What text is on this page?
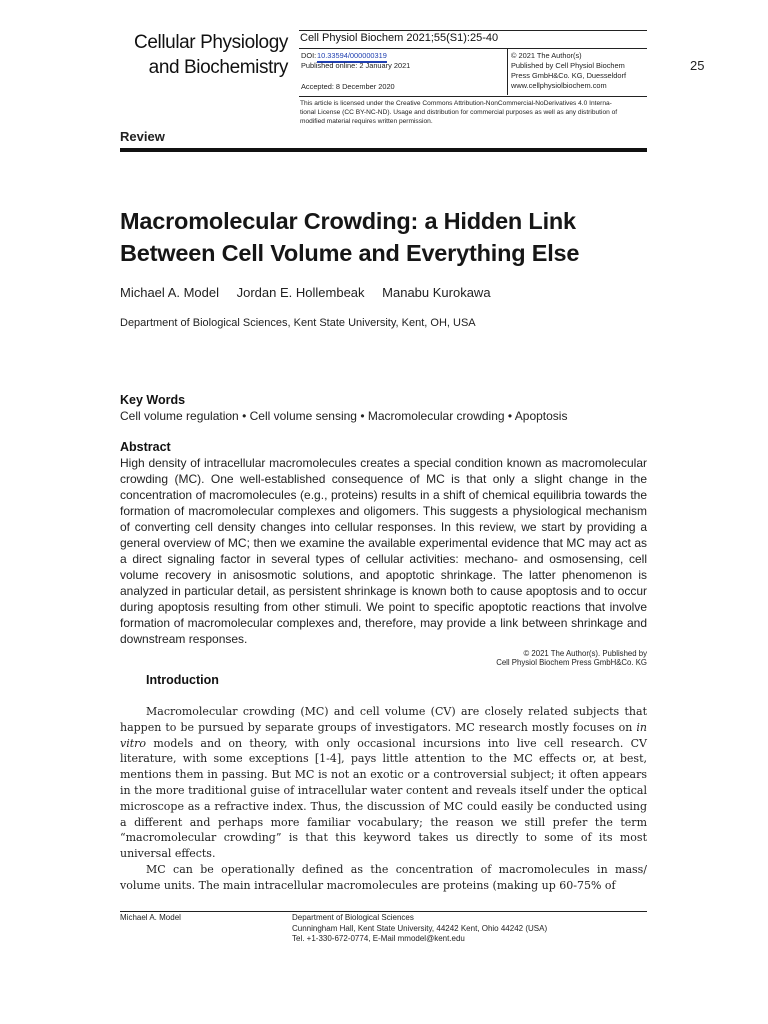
Cellular Physiology
and Biochemistry	25
Cell Physiol Biochem 2021;55(S1):25-40
DOI: 10.33594/000000319
Published online: 2 January 2021
Accepted: 8 December 2020
© 2021 The Author(s)
Published by Cell Physiol Biochem
Press GmbH&Co. KG, Duesseldorf
www.cellphysiolbiochem.com
This article is licensed under the Creative Commons Attribution-NonCommercial-NoDerivatives 4.0 Interna-
tional License (CC BY-NC-ND). Usage and distribution for commercial purposes as well as any distribution of
modified material requires written permission.
Review
Macromolecular Crowding: a Hidden Link
Between Cell Volume and Everything Else
Michael A. Model Jordan E. Hollembeak Manabu Kurokawa
Department of Biological Sciences, Kent State University, Kent, OH, USA
Key Words
Cell volume regulation • Cell volume sensing • Macromolecular crowding • Apoptosis
Abstract
High density of intracellular macromolecules creates a special condition known as macromolecular crowding (MC). One well-established consequence of MC is that only a slight change in the concentration of macromolecules (e.g., proteins) results in a shift of chemical equilibria towards the formation of macromolecular complexes and oligomers. This suggests a physiological mechanism of converting cell density changes into cellular responses. In this review, we start by providing a general overview of MC; then we examine the available experimental evidence that MC may act as a direct signaling factor in several types of cellular activities: mechano- and osmosensing, cell volume recovery in anisosmotic solutions, and apoptotic shrinkage. The latter phenomenon is analyzed in particular detail, as persistent shrinkage is known both to cause apoptosis and to occur during apoptosis resulting from other stimuli. We point to specific apoptotic reactions that involve formation of macromolecular complexes and, therefore, may provide a link between shrinkage and downstream responses.
© 2021 The Author(s). Published by
Cell Physiol Biochem Press GmbH&Co. KG
Introduction

Macromolecular crowding (MC) and cell volume (CV) are closely related subjects that happen to be pursued by separate groups of investigators. MC research mostly focuses on in vitro models and on theory, with only occasional incursions into live cell research. CV literature, with some exceptions [1-4], pays little attention to the MC effects or, at best, mentions them in passing. But MC is not an exotic or a controversial subject; it often appears in the more traditional guise of intracellular water content and reveals itself under the optical microscope as a refractive index. Thus, the discussion of MC could easily be conducted using a different and perhaps more familiar vocabulary; the reason we still prefer the term “macromolecular crowding” is that this keyword takes us directly to some of its most universal effects.

MC can be operationally defined as the concentration of macromolecules in mass/ volume units. The main intracellular macromolecules are proteins (making up 60-75% of

Michael A. Model	Department of Biological Sciences
Cunningham Hall, Kent State University, 44242 Kent, Ohio 44242 (USA)
Tel. +1-330-672-0774, E-Mail mmodel@kent.edu
